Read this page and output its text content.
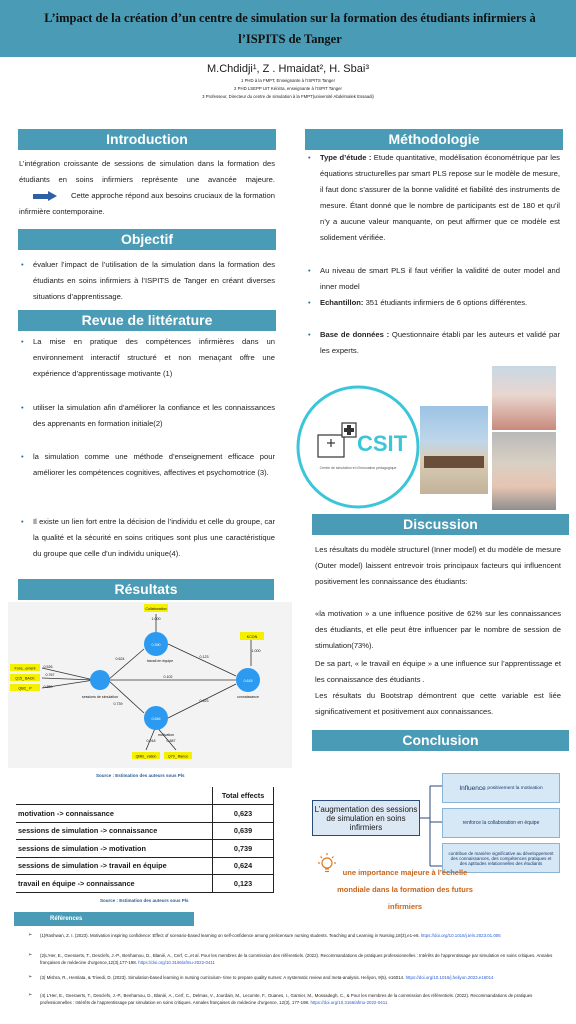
L’impact de la création d’un centre de simulation sur la formation des étudiants infirmiers à l’ISPITS de Tanger
M.Chdidji¹, Z . Hmaidat², H. Sbai³
1 PHD à la FMPT, Enseignante à l’ISPITS Tanger
2 PHD LSEPP UIT Kénitra, enseignante à l’ISPIT Tanger
3 Professeur, Directeur du centre de simulation à la FMPT(université Abdelmalek Essaadi)
Introduction
L’intégration croissante de sessions de simulation dans la formation des étudiants en soins infirmiers représente une avancée majeure.Cette approche répond aux besoins cruciaux de la formation infirmière contemporaine.
Objectif
• évaluer l’impact de l’utilisation de la simulation dans la formation des étudiants en soins infirmiers à l’ISPITS de Tanger en créant diverses situations d’apprentissage.
Revue de littérature
• La mise en pratique des compétences infirmières dans un environnement interactif structuré et non menaçant offre une expérience d’apprentissage motivante (1)
• utiliser la simulation afin d’améliorer la confiance et les connaissances des apprenants en formation initiale(2)
• la simulation comme une méthode d’enseignement efficace pour améliorer les compétences cognitives, affectives et psychomotrice (3).
• Il existe un lien fort entre la décision de l’individu et celle du groupe, car la qualité et la sécurité en soins critiques sont plus une caractéristique du groupe que celle d’un individu unique(4).
Résultats
Collaboration
KCON
Fonc...ement
Q15_ BACK
QBC_ P
QMB_ vation	Q70_ ifiance
1.000
1.000
0.526
0.767
0.850
0.918	0.887
0.390
0.546
0.618
0.624
0.739
0.102
0.123
0.623
sessions de simulation
travail en équipe
motivation
connaissance
Source : Estimation des auteurs sous Pls
	Total effects
motivation -> connaissance	0,623
sessions de simulation -> connaissance	0,639
sessions de simulation -> motivation	0,739
sessions de simulation -> travail en équipe	0,624
travail en équipe -> connaissance	0,123
Source : Estimation des auteurs sous Pls
Méthodologie
• Type d’étude : Etude quantitative, modélisation économétrique par les équations structurelles par smart PLS repose sur le modèle de mesure, il faut donc s’assurer de la bonne validité et fiabilité des instruments de mesure. Étant donné que le nombre de participants est de 180 et qu’il n’y a aucune valeur manquante, on peut affirmer que ce modèle est solidement vérifiée.
• Au niveau de smart PLS il faut vérifier la validité de outer model and inner model
• Echantillon: 351 étudiants infirmiers de 6 options différentes.
• Base de données : Questionnaire établi par les auteurs et validé par les experts.
CSIT
Centre de simulation et d’innovation pédagogique
Discussion
Les résultats du modèle structurel (Inner model) et du modèle de mesure (Outer model) laissent entrevoir trois principaux facteurs qui influencent positivement les connaissance des étudiants:
«la motivation » a une influence positive de 62% sur les connaissances des étudiants, et elle peut être influencer par le nombre de session de stimulation(73%).
De sa part, « le travail en équipe » a une influence sur l’apprentissage et les connaissance des étudiants .
Les résultats du Bootstrap démontrent que cette variable est liée significativement et positivement aux connaissances.
Conclusion
L’augmentation des sessions de simulation en soins infirmiers
Influence
positivement la motivation
renforce la collaboration en équipe
contribue de manière significative au développement des connaissances, des compétences pratiques et des aptitudes relationnelles des étudiants
une importance majeure à l’échelle mondiale dans la formation des futurs infirmiers
Références
➢ (1)Rashwan, Z. I. (2023). Motivation inspiring confidence: Effect of scenario-based learning on self-confidence among prelicensure nursing students. Teaching and Learning in Nursing,18(3),e1-e6. https://doi.org/10.1016/j.teln.2023.01.006
➢ (2)L’Her, E., Geeraerts, T., Desclefs, J.-P., Benhamou, D., Blanié, A., Cerf, C.,et al. Pour les membres de la commission des référentiels. (2022). Recommandations de pratiques professionnelles : Intérêts de l’apprentissage par simulation en soins critiques. Annales françaises de médecine d’urgence,12(3),177-198. https://doi.org/10.3166/afmu-2022-0411
➢ (3) Mishra, R., Hemlata, & Trivedi, D. (2023). Simulation-based learning in nursing curriculum- time to prepare quality nurses: A systematic review and meta-analysis. Heliyon, 9(5), e16014. https://doi.org/10.1016/j.heliyon.2023.e16014
➢ (4) L’Her, E., Geeraerts, T., Desclefs, J.-P., Benhamou, D., Blanié, A., Cerf, C., Delmas, V., Jourdain, M., Lecomte, F., Ouanes, I., Garnier, M., Mossadegh, C., & Pour les membres de la commission des référentiels. (2022). Recommandations de pratiques professionnelles : Intérêts de l’apprentissage par simulation en soins critiques. Annales françaises de médecine d’urgence, 12(3), 177-198. https://doi.org/10.3166/afmu-2022-0411
